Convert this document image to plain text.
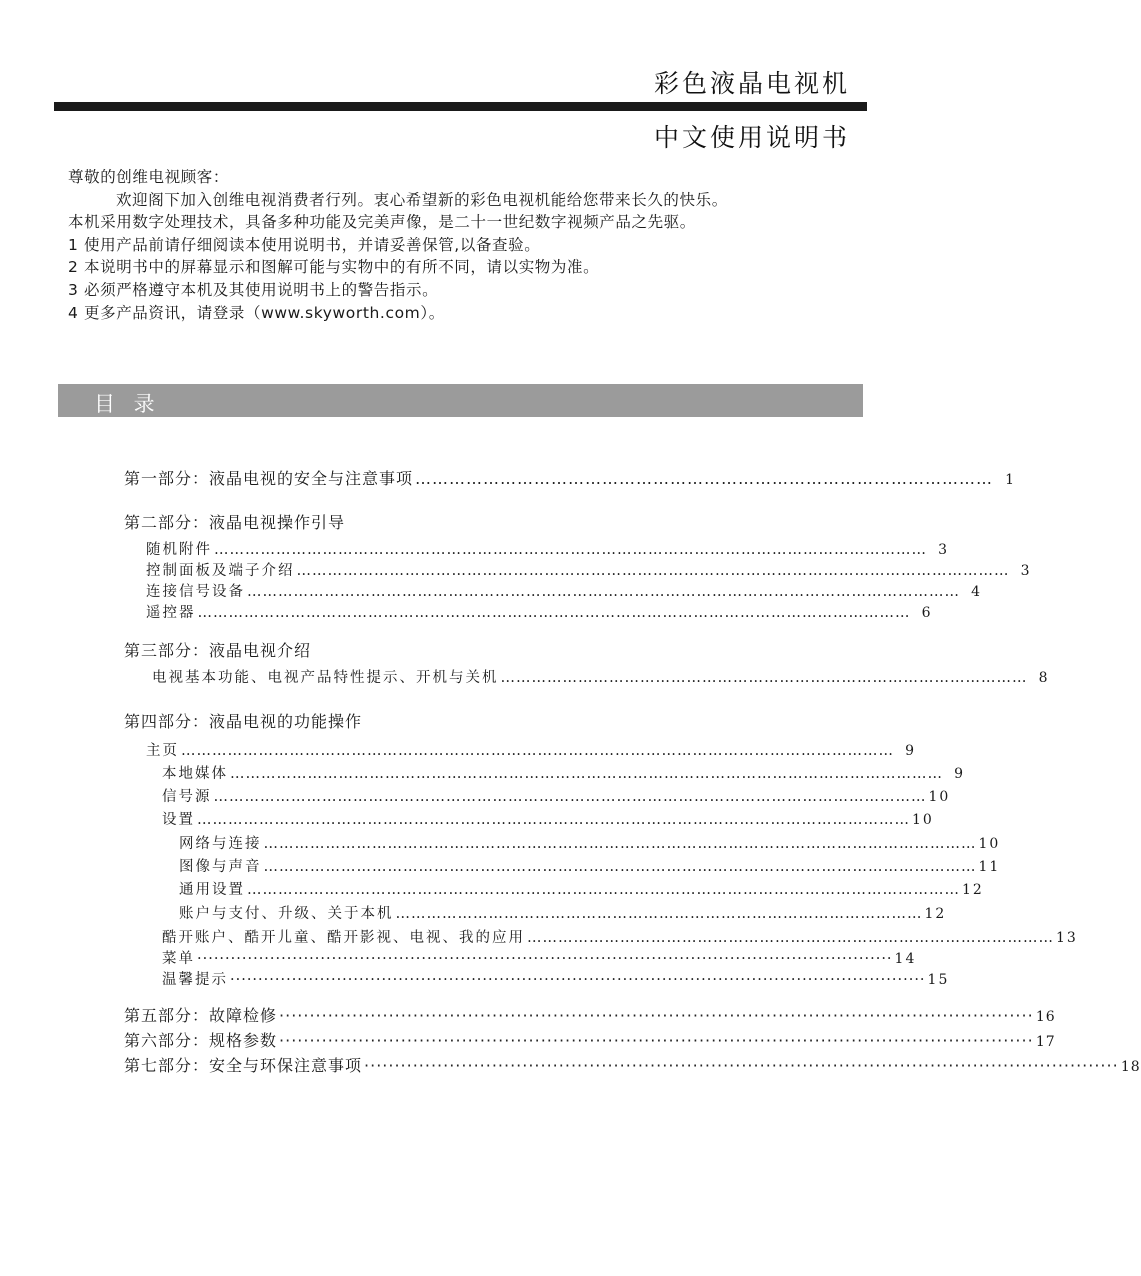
彩色液晶电视机
中文使用说明书

尊敬的创维电视顾客：

欢迎阁下加入创维电视消费者行列。衷心希望新的彩色电视机能给您带来长久的快乐。

本机采用数字处理技术，具备多种功能及完美声像，是二十一世纪数字视频产品之先驱。

1 使用产品前请仔细阅读本使用说明书，并请妥善保管,以备查验。

2 本说明书中的屏幕显示和图解可能与实物中的有所不同，请以实物为准。

3 必须严格遵守本机及其使用说明书上的警告指示。

4 更多产品资讯，请登录（www.skyworth.com）。

目 录
第一部分：液晶电视的安全与注意事项 ………………………………………………………………………………………… 1
第二部分：液晶电视操作引导
随机附件 ………………………………………………………………………………………………………………………… 3
控制面板及端子介绍 ………………………………………………………………………………………………………………………… 3
连接信号设备 ………………………………………………………………………………………………………………………… 4
遥控器 ………………………………………………………………………………………………………………………… 6
第三部分：液晶电视介绍
电视基本功能、电视产品特性提示、开机与关机 ………………………………………………………………………………………… 8
第四部分：液晶电视的功能操作
主页 ………………………………………………………………………………………………………………………… 9
本地媒体 ………………………………………………………………………………………………………………………… 9
信号源 ………………………………………………………………………………………………………………………… 10
设置 ………………………………………………………………………………………………………………………… 10
网络与连接 ………………………………………………………………………………………………………………………… 10
图像与声音 ………………………………………………………………………………………………………………………… 11
通用设置 ………………………………………………………………………………………………………………………… 12
账户与支付、升级、关于本机 ………………………………………………………………………………………… 12
酷开账户、酷开儿童、酷开影视、电视、我的应用 ………………………………………………………………………………………… 13
菜单 ···························································································································· 14
温馨提示 ···························································································································· 15
第五部分：故障检修 ···························································································································· 16
第六部分：规格参数 ···························································································································· 17
第七部分：安全与环保注意事项 ···························································································································· 18
